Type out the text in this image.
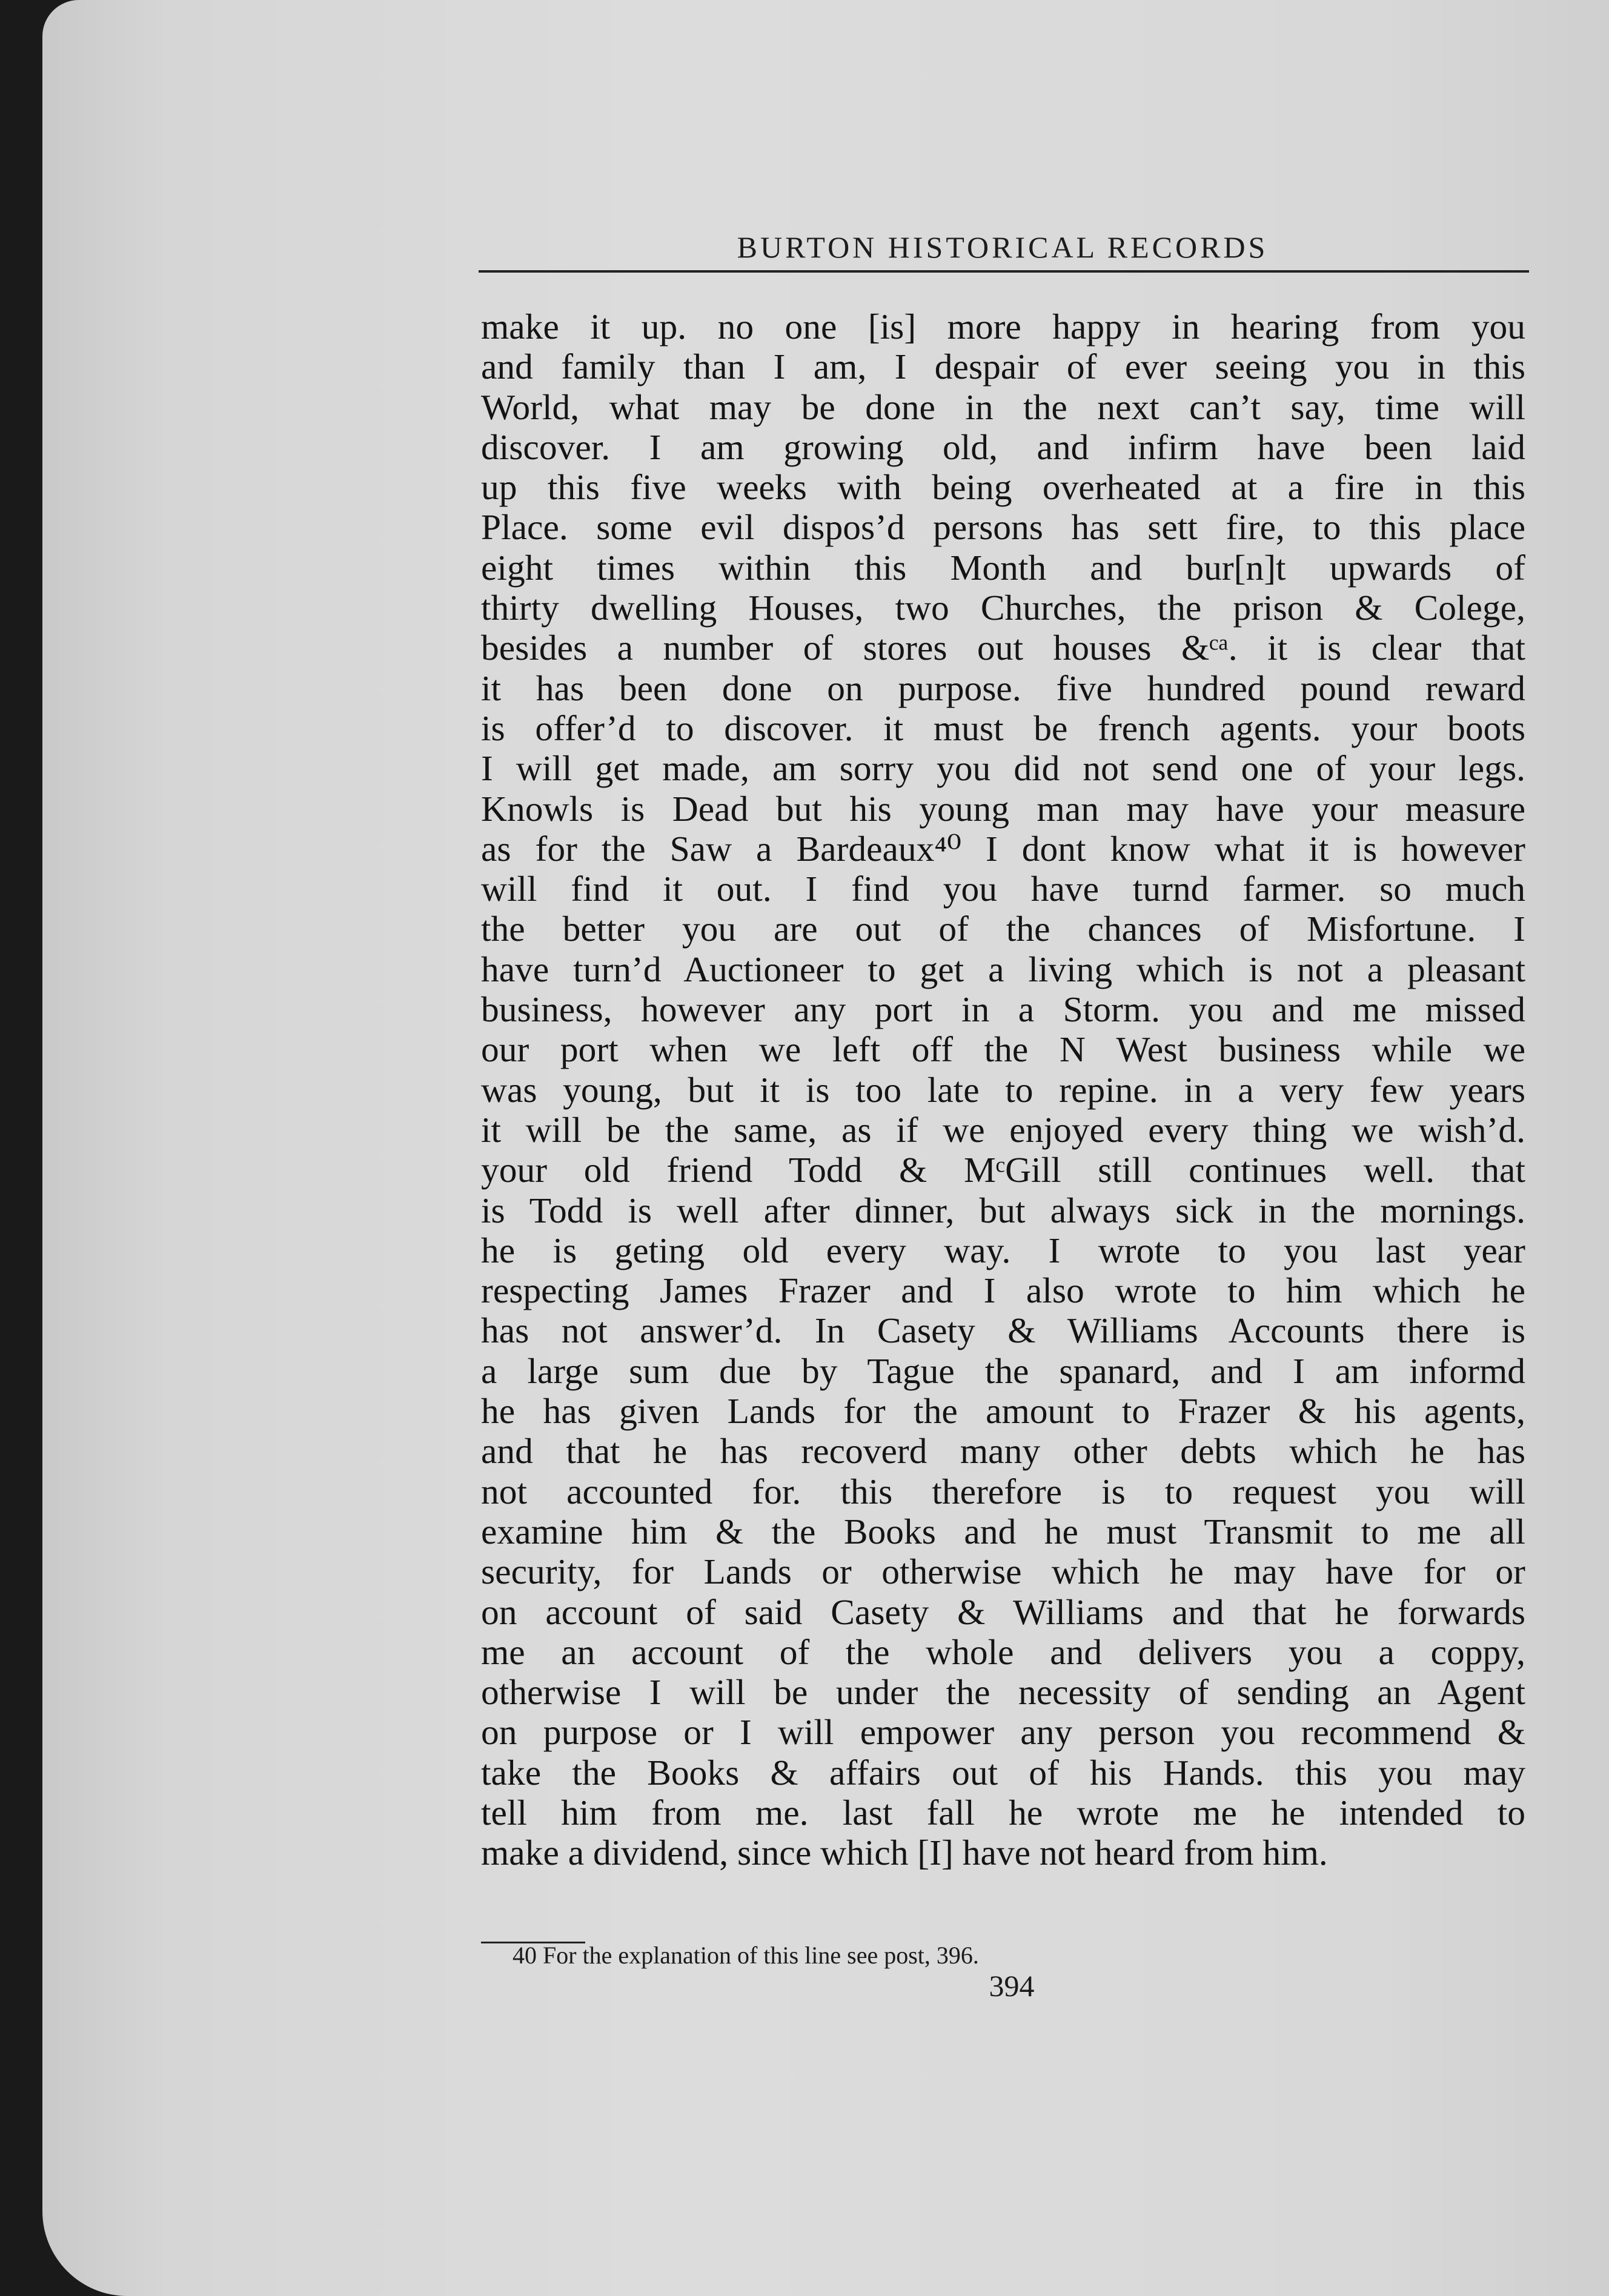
BURTON HISTORICAL RECORDS
make it up. no one [is] more happy in hearing from you
and family than I am, I despair of ever seeing you in this
World, what may be done in the next can’t say, time will
discover. I am growing old, and infirm have been laid
up this five weeks with being overheated at a fire in this
Place. some evil dispos’d persons has sett fire, to this place
eight times within this Month and bur[n]t upwards of
thirty dwelling Houses, two Churches, the prison & Colege,
besides a number of stores out houses &ᶜᵃ. it is clear that
it has been done on purpose. five hundred pound reward
is offer’d to discover. it must be french agents. your boots
I will get made, am sorry you did not send one of your legs.
Knowls is Dead but his young man may have your measure
as for the Saw a Bardeaux⁴⁰ I dont know what it is however
will find it out. I find you have turnd farmer. so much
the better you are out of the chances of Misfortune. I
have turn’d Auctioneer to get a living which is not a pleasant
business, however any port in a Storm. you and me missed
our port when we left off the N West business while we
was young, but it is too late to repine. in a very few years
it will be the same, as if we enjoyed every thing we wish’d.
your old friend Todd & MᶜGill still continues well. that
is Todd is well after dinner, but always sick in the mornings.
he is geting old every way. I wrote to you last year
respecting James Frazer and I also wrote to him which he
has not answer’d. In Casety & Williams Accounts there is
a large sum due by Tague the spanard, and I am informd
he has given Lands for the amount to Frazer & his agents,
and that he has recoverd many other debts which he has
not accounted for. this therefore is to request you will
examine him & the Books and he must Transmit to me all
security, for Lands or otherwise which he may have for or
on account of said Casety & Williams and that he forwards
me an account of the whole and delivers you a coppy,
otherwise I will be under the necessity of sending an Agent
on purpose or I will empower any person you recommend &
take the Books & affairs out of his Hands. this you may
tell him from me. last fall he wrote me he intended to
make a dividend, since which [I] have not heard from him.
40 For the explanation of this line see post, 396.
394
